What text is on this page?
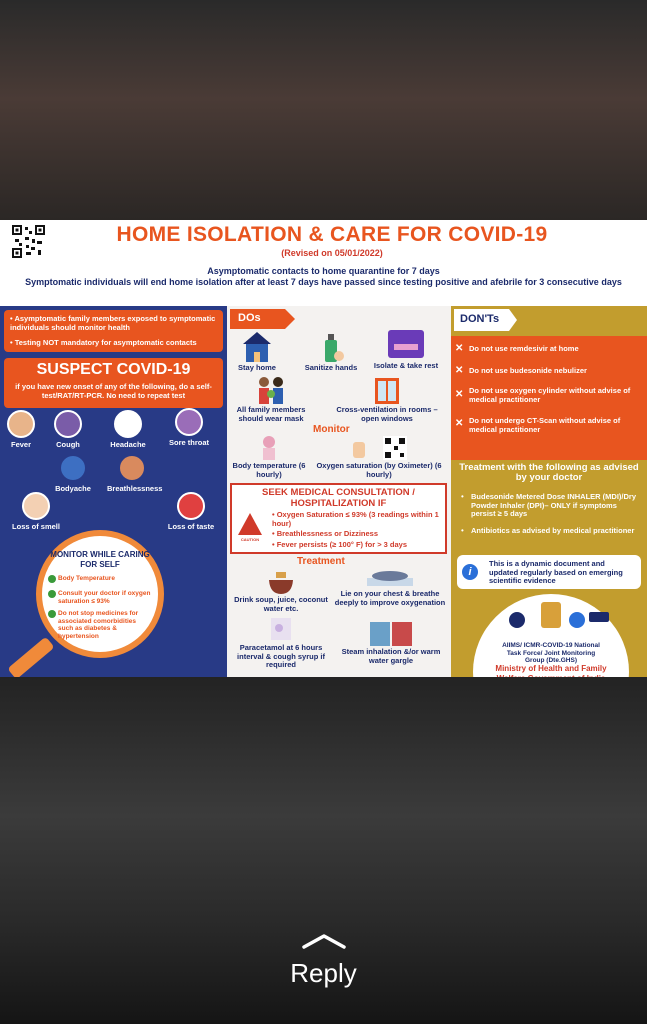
HOME ISOLATION & CARE FOR COVID-19
(Revised on 05/01/2022)
Asymptomatic contacts to home quarantine for 7 days
Symptomatic individuals will end home isolation after at least 7 days have passed since testing positive and afebrile for 3 consecutive days
• Asymptomatic family members exposed to symptomatic individuals should monitor health
• Testing NOT mandatory for asymptomatic contacts
SUSPECT COVID-19
if you have new onset of any of the following, do a self-test/RAT/RT-PCR. No need to repeat test
Fever	Cough	Headache	Sore throat
Bodyache	Breathlessness
Loss of smell	Loss of taste
MONITOR WHILE CARING FOR SELF
Body Temperature
Consult your doctor if oxygen saturation ≤ 93%
Do not stop medicines for associated comorbidities such as diabetes & hypertension
DOs
Stay home	Sanitize hands	Isolate & take rest
All family members should wear mask
Cross-ventilation in rooms – open windows
Monitor
Body temperature (6 hourly)
Oxygen saturation (by Oximeter) (6 hourly)
SEEK MEDICAL CONSULTATION / HOSPITALIZATION IF
CAUTION
• Oxygen Saturation ≤ 93% (3 readings within 1 hour)
• Breathlessness or Dizziness
• Fever persists (≥ 100° F) for > 3 days
Treatment
Drink soup, juice, coconut water etc.
Lie on your chest & breathe deeply to improve oxygenation
Paracetamol at 6 hours interval & cough syrup if required
Steam inhalation &/or warm water gargle
DON'Ts
✕ Do not use remdesivir at home
✕ Do not use budesonide nebulizer
✕ Do not use oxygen cylinder without advise of medical practitioner
✕ Do not undergo CT-Scan without advise of medical practitioner
Treatment with the following as advised by your doctor
• Budesonide Metered Dose INHALER (MDI)/Dry Powder Inhaler (DPI)– ONLY if symptoms persist ≥ 5 days
• Antibiotics as advised by medical practitioner
i
This is a dynamic document and updated regularly based on emerging scientific evidence
AIIMS/ ICMR-COVID-19 National Task Force/ Joint Monitoring Group (Dte.GHS)
Ministry of Health and Family
Reply
